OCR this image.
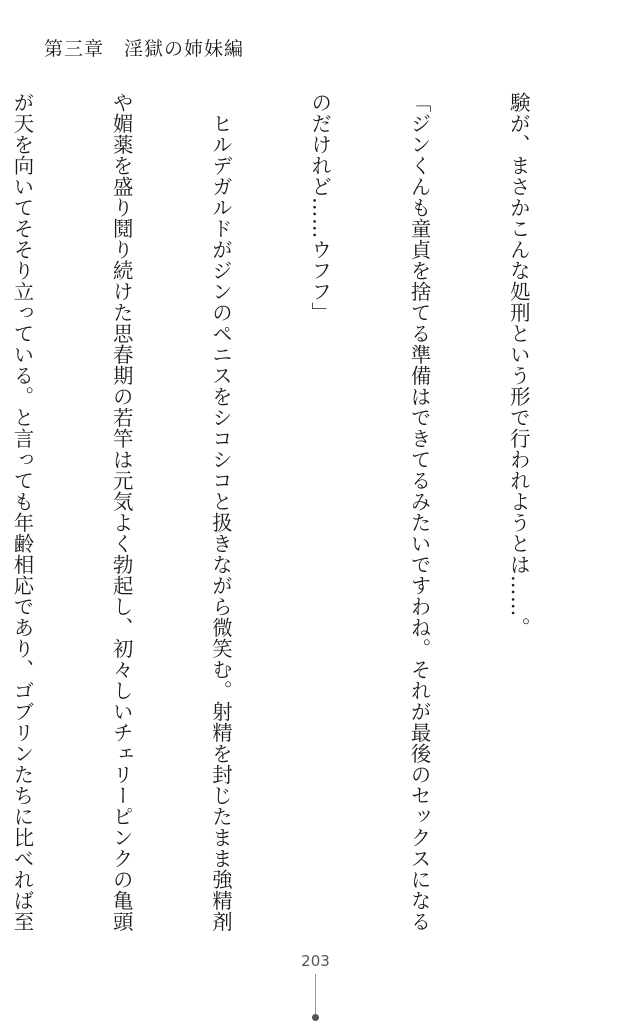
第三章　淫獄の姉妹編

験が、まさかこんな処刑という形で行われようとは……。

「ジンくんも童貞を捨てる準備はできてるみたいですわね。それが最後のセックスになる

のだけれど……ウフフ」

　ヒルデガルドがジンのペニスをシコシコと扱きながら微笑む。射精を封じたまま強精剤

や媚薬を盛り鬩り続けた思春期の若竿は元気よく勃起し、初々しいチェリーピンクの亀頭

が天を向いてそそり立っている。と言っても年齢相応であり、ゴブリンたちに比べれば至

203
